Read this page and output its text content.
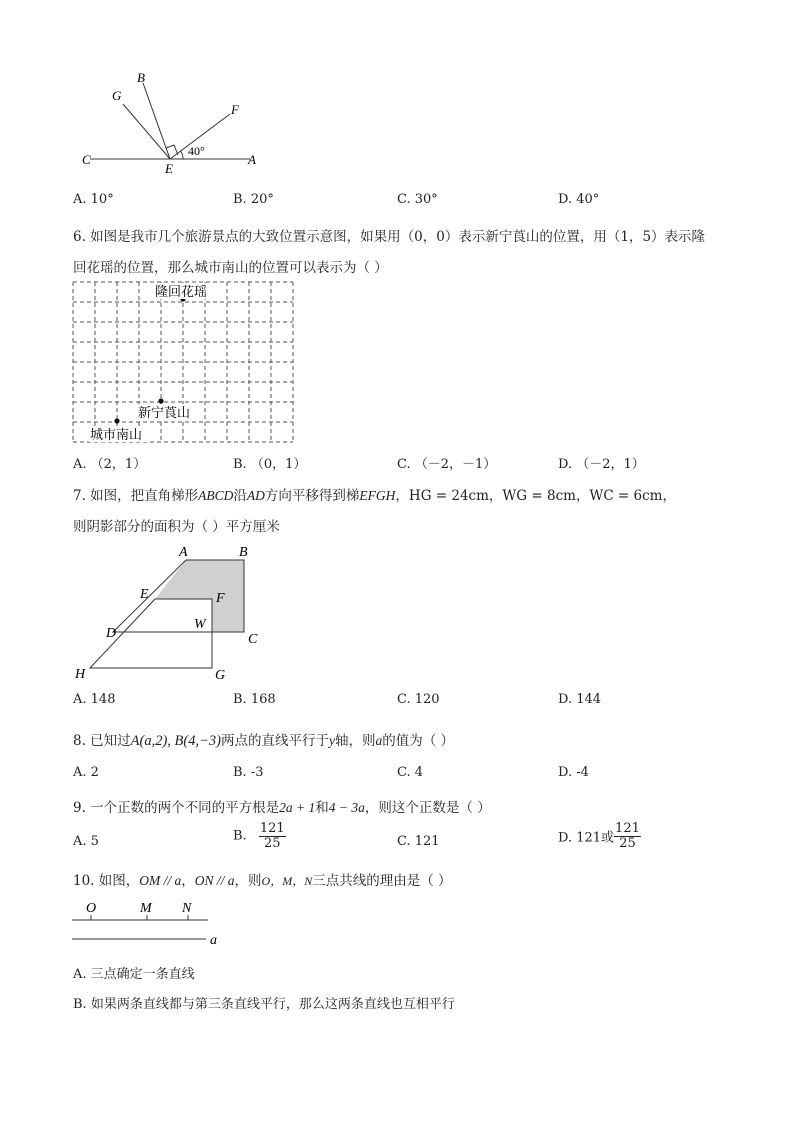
B
G
F
C
E
A
40°
A. 10°	B. 20°	C. 30°	D. 40°
6. 如图是我市几个旅游景点的大致位置示意图，如果用（0，0）表示新宁莨山的位置，用（1，5）表示隆
回花瑶的位置，那么城市南山的位置可以表示为（ ）
隆回花瑶
新宁莨山
城市南山
A. （2，1）	B. （0，1）	C. （－2，－1）	D. （－2，1）
7. 如图，把直角梯形ABCD沿AD方向平移得到梯EFGH，HG = 24cm，WG = 8cm，WC = 6cm，
则阴影部分的面积为（ ）平方厘米
A	B
E	F
D
W
C
H	G
A. 148	B. 168	C. 120	D. 144
8. 已知过A(a,2), B(4,−3)两点的直线平行于y轴，则a的值为（ ）
A. 2	B. -3	C. 4	D. -4
9. 一个正数的两个不同的平方根是2a + 1和4 − 3a，则这个正数是（ ）
A. 5	B. $\frac{121}{25}$	C. 121	D. 121或 $\frac{121}{25}$
10. 如图，OM // a，ON // a，则O，M，N三点共线的理由是（ ）
O	M N
a
A. 三点确定一条直线
B. 如果两条直线都与第三条直线平行，那么这两条直线也互相平行
